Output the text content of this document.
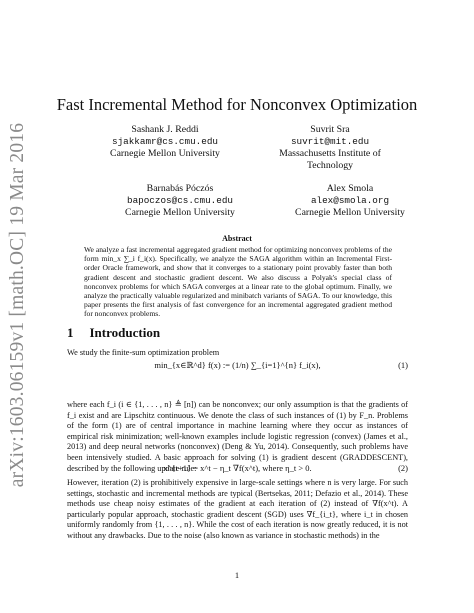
arXiv:1603.06159v1 [math.OC] 19 Mar 2016
Fast Incremental Method for Nonconvex Optimization
Sashank J. Reddi
sjakkamr@cs.cmu.edu
Carnegie Mellon University
Suvrit Sra
suvrit@mit.edu
Massachusetts Institute of Technology
Barnabás Póczós
bapoczos@cs.cmu.edu
Carnegie Mellon University
Alex Smola
alex@smola.org
Carnegie Mellon University
Abstract
We analyze a fast incremental aggregated gradient method for optimizing nonconvex problems of the form min_x ∑_i f_i(x). Specifically, we analyze the SAGA algorithm within an Incremental First-order Oracle framework, and show that it converges to a stationary point provably faster than both gradient descent and stochastic gradient descent. We also discuss a Polyak's special class of nonconvex problems for which SAGA converges at a linear rate to the global optimum. Finally, we analyze the practically valuable regularized and minibatch variants of SAGA. To our knowledge, this paper presents the first analysis of fast convergence for an incremental aggregated gradient method for nonconvex problems.
1 Introduction
We study the finite-sum optimization problem
min_{x∈ℝ^d} f(x) := (1/n) ∑_{i=1}^{n} f_i(x),	(1)
where each f_i (i ∈ {1, . . . , n} ≜ [n]) can be nonconvex; our only assumption is that the gradients of f_i exist and are Lipschitz continuous. We denote the class of such instances of (1) by F_n. Problems of the form (1) are of central importance in machine learning where they occur as instances of empirical risk minimization; well-known examples include logistic regression (convex) (James et al., 2013) and deep neural networks (nonconvex) (Deng & Yu, 2014). Consequently, such problems have been intensively studied. A basic approach for solving (1) is gradient descent (GRADDESCENT), described by the following update rule:
x^{t+1} = x^t − η_t ∇f(x^t), where η_t > 0.	(2)
However, iteration (2) is prohibitively expensive in large-scale settings where n is very large. For such settings, stochastic and incremental methods are typical (Bertsekas, 2011; Defazio et al., 2014). These methods use cheap noisy estimates of the gradient at each iteration of (2) instead of ∇f(x^t). A particularly popular approach, stochastic gradient descent (SGD) uses ∇f_{i_t}, where i_t in chosen uniformly randomly from {1, . . . , n}. While the cost of each iteration is now greatly reduced, it is not without any drawbacks. Due to the noise (also known as variance in stochastic methods) in the
1
